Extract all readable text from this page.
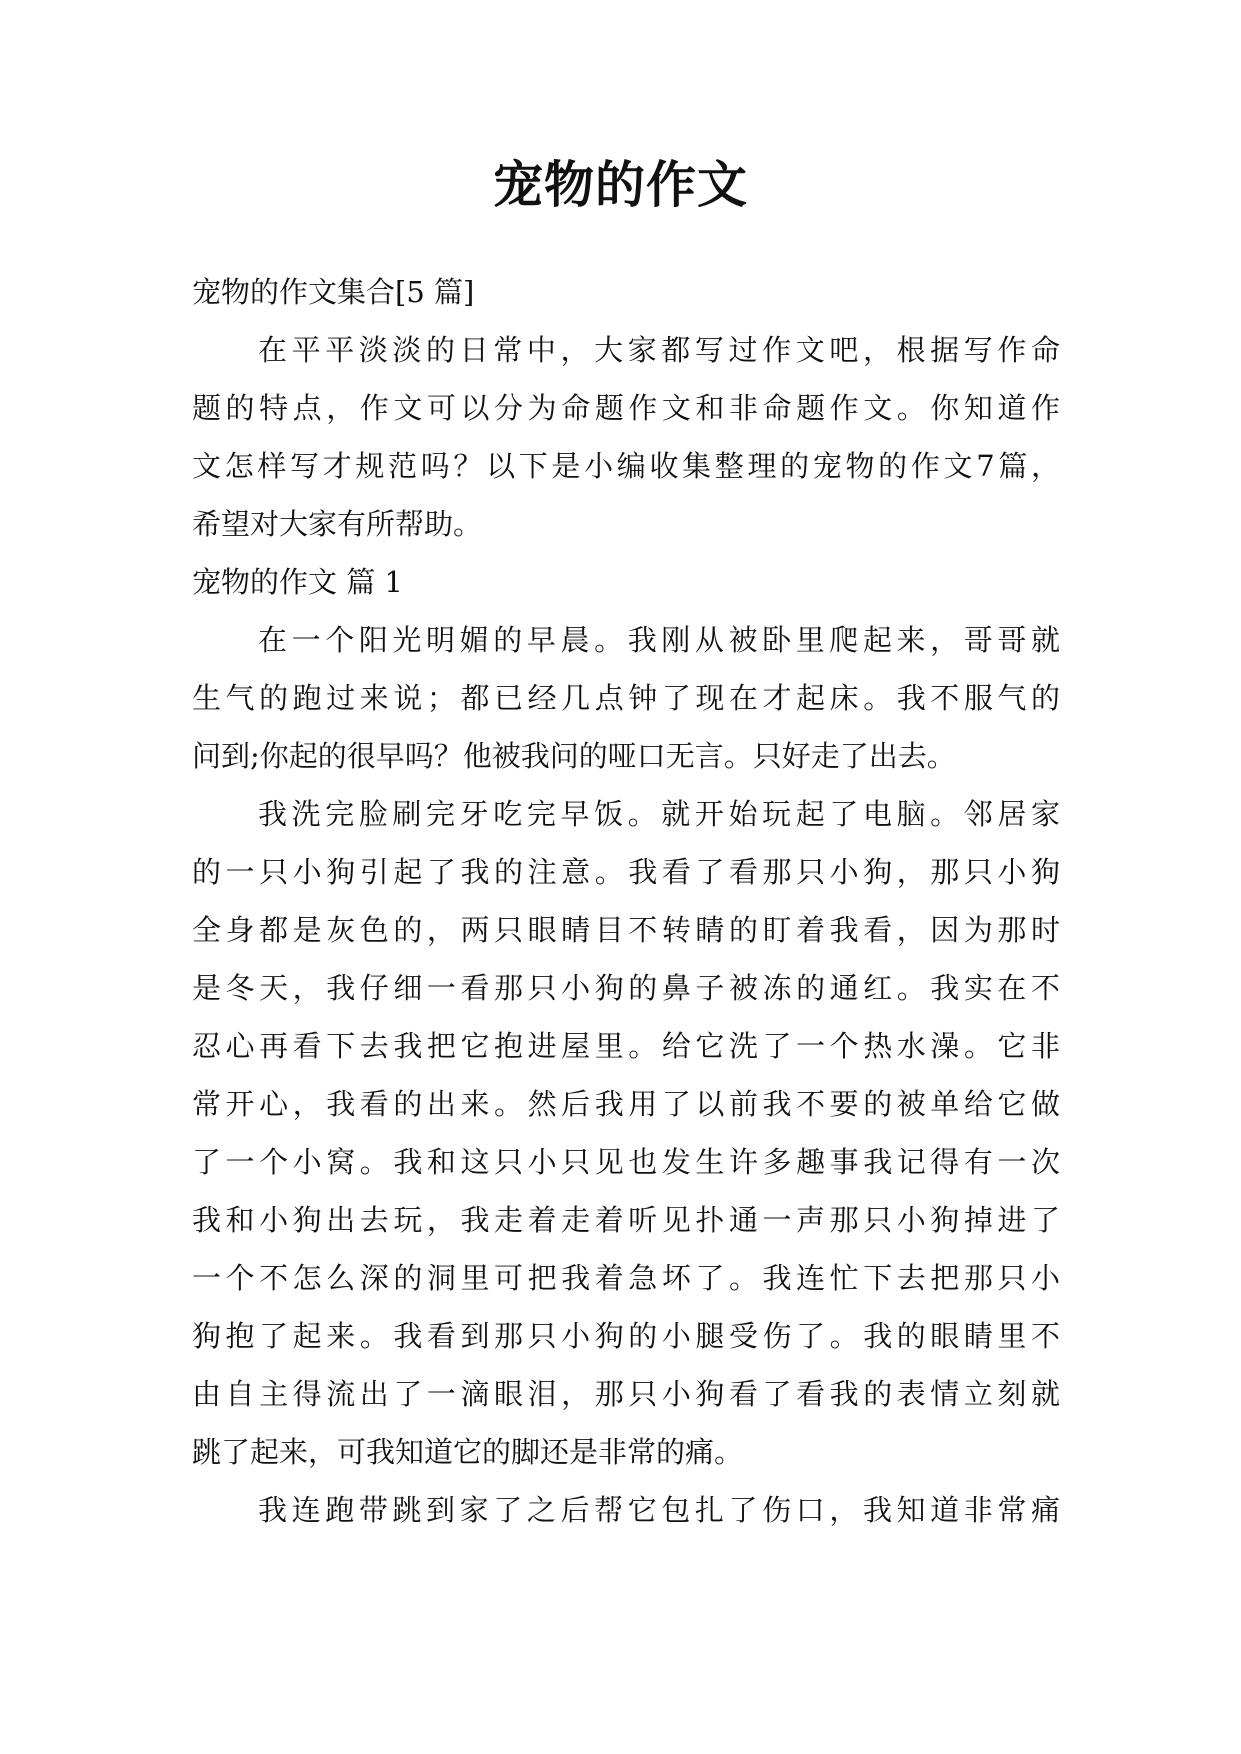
宠物的作文
宠物的作文集合[5 篇]
在平平淡淡的日常中，大家都写过作文吧，根据写作命
题的特点，作文可以分为命题作文和非命题作文。你知道作
文怎样写才规范吗？以下是小编收集整理的宠物的作文7篇，
希望对大家有所帮助。
宠物的作文 篇 1
在一个阳光明媚的早晨。我刚从被卧里爬起来，哥哥就
生气的跑过来说；都已经几点钟了现在才起床。我不服气的
问到;你起的很早吗？他被我问的哑口无言。只好走了出去。
我洗完脸刷完牙吃完早饭。就开始玩起了电脑。邻居家
的一只小狗引起了我的注意。我看了看那只小狗，那只小狗
全身都是灰色的，两只眼睛目不转睛的盯着我看，因为那时
是冬天，我仔细一看那只小狗的鼻子被冻的通红。我实在不
忍心再看下去我把它抱进屋里。给它洗了一个热水澡。它非
常开心，我看的出来。然后我用了以前我不要的被单给它做
了一个小窝。我和这只小只见也发生许多趣事我记得有一次
我和小狗出去玩，我走着走着听见扑通一声那只小狗掉进了
一个不怎么深的洞里可把我着急坏了。我连忙下去把那只小
狗抱了起来。我看到那只小狗的小腿受伤了。我的眼睛里不
由自主得流出了一滴眼泪，那只小狗看了看我的表情立刻就
跳了起来，可我知道它的脚还是非常的痛。
我连跑带跳到家了之后帮它包扎了伤口，我知道非常痛
